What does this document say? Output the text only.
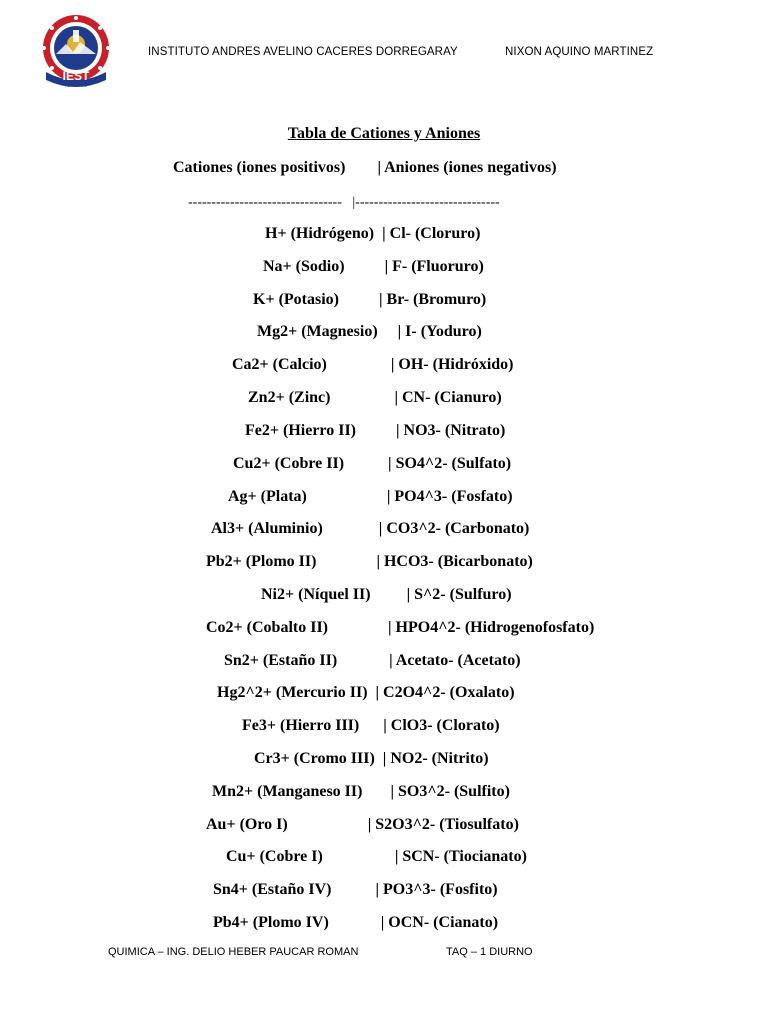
IEST
HUANCAYO
INSTITUTO ANDRES AVELINO CACERES DORREGARAY	NIXON AQUINO MARTINEZ
Tabla de Cationes y Aniones
Cationes (iones positivos)        | Aniones (iones negativos)
---------------------------------   |-------------------------------
H+ (Hidrógeno)  | Cl- (Cloruro)
Na+ (Sodio)          | F- (Fluoruro)
K+ (Potasio)          | Br- (Bromuro)
Mg2+ (Magnesio)     | I- (Yoduro)
Ca2+ (Calcio)                | OH- (Hidróxido)
Zn2+ (Zinc)                | CN- (Cianuro)
Fe2+ (Hierro II)          | NO3- (Nitrato)
Cu2+ (Cobre II)           | SO4^2- (Sulfato)
Ag+ (Plata)                    | PO4^3- (Fosfato)
Al3+ (Aluminio)              | CO3^2- (Carbonato)
Pb2+ (Plomo II)               | HCO3- (Bicarbonato)
Ni2+ (Níquel II)         | S^2- (Sulfuro)
Co2+ (Cobalto II)               | HPO4^2- (Hidrogenofosfato)
Sn2+ (Estaño II)             | Acetato- (Acetato)
Hg2^2+ (Mercurio II)  | C2O4^2- (Oxalato)
Fe3+ (Hierro III)      | ClO3- (Clorato)
Cr3+ (Cromo III)  | NO2- (Nitrito)
Mn2+ (Manganeso II)       | SO3^2- (Sulfito)
Au+ (Oro I)                    | S2O3^2- (Tiosulfato)
Cu+ (Cobre I)                  | SCN- (Tiocianato)
Sn4+ (Estaño IV)           | PO3^3- (Fosfito)
Pb4+ (Plomo IV)             | OCN- (Cianato)
QUIMICA – ING. DELIO HEBER PAUCAR ROMAN	TAQ – 1 DIURNO
